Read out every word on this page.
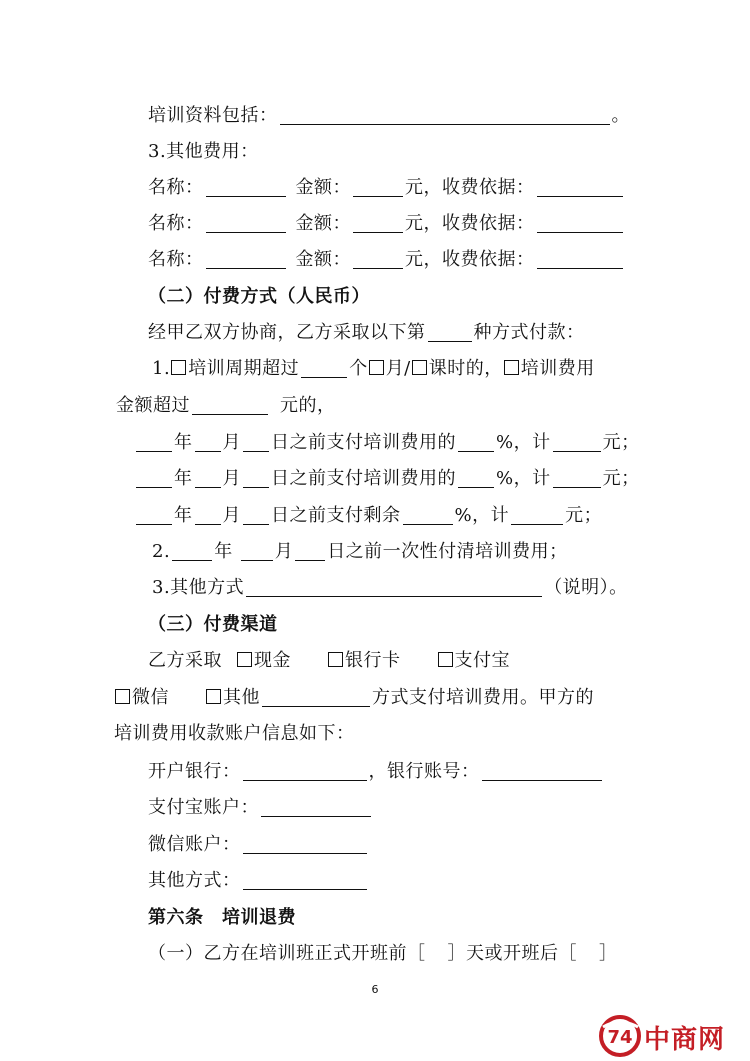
培训资料包括：	。
3.其他费用：
名称：	金额：	元，收费依据：
名称：	金额：	元，收费依据：
名称：	金额：	元，收费依据：
（二）付费方式（人民币）
经甲乙双方协商，乙方采取以下第	种方式付款：
1. 培训周期超过	个 月/ 课时的， 培训费用
金额超过	元的，
年 月 日之前支付培训费用的 %，计	元；
年 月 日之前支付培训费用的 %，计	元；
年 月 日之前支付剩余	%，计	元；
2. 年 月 日之前一次性付清培训费用；
3.其他方式	（说明）。
（三）付费渠道
乙方采取 现金	银行卡	支付宝
微信	其他	方式支付培训费用。甲方的
培训费用收款账户信息如下：
开户银行：	，银行账号：
支付宝账户：
微信账户：
其他方式：
第六条　培训退费
（一）乙方在培训班正式开班前［ ］天或开班后［ ］
6
74 中商网
